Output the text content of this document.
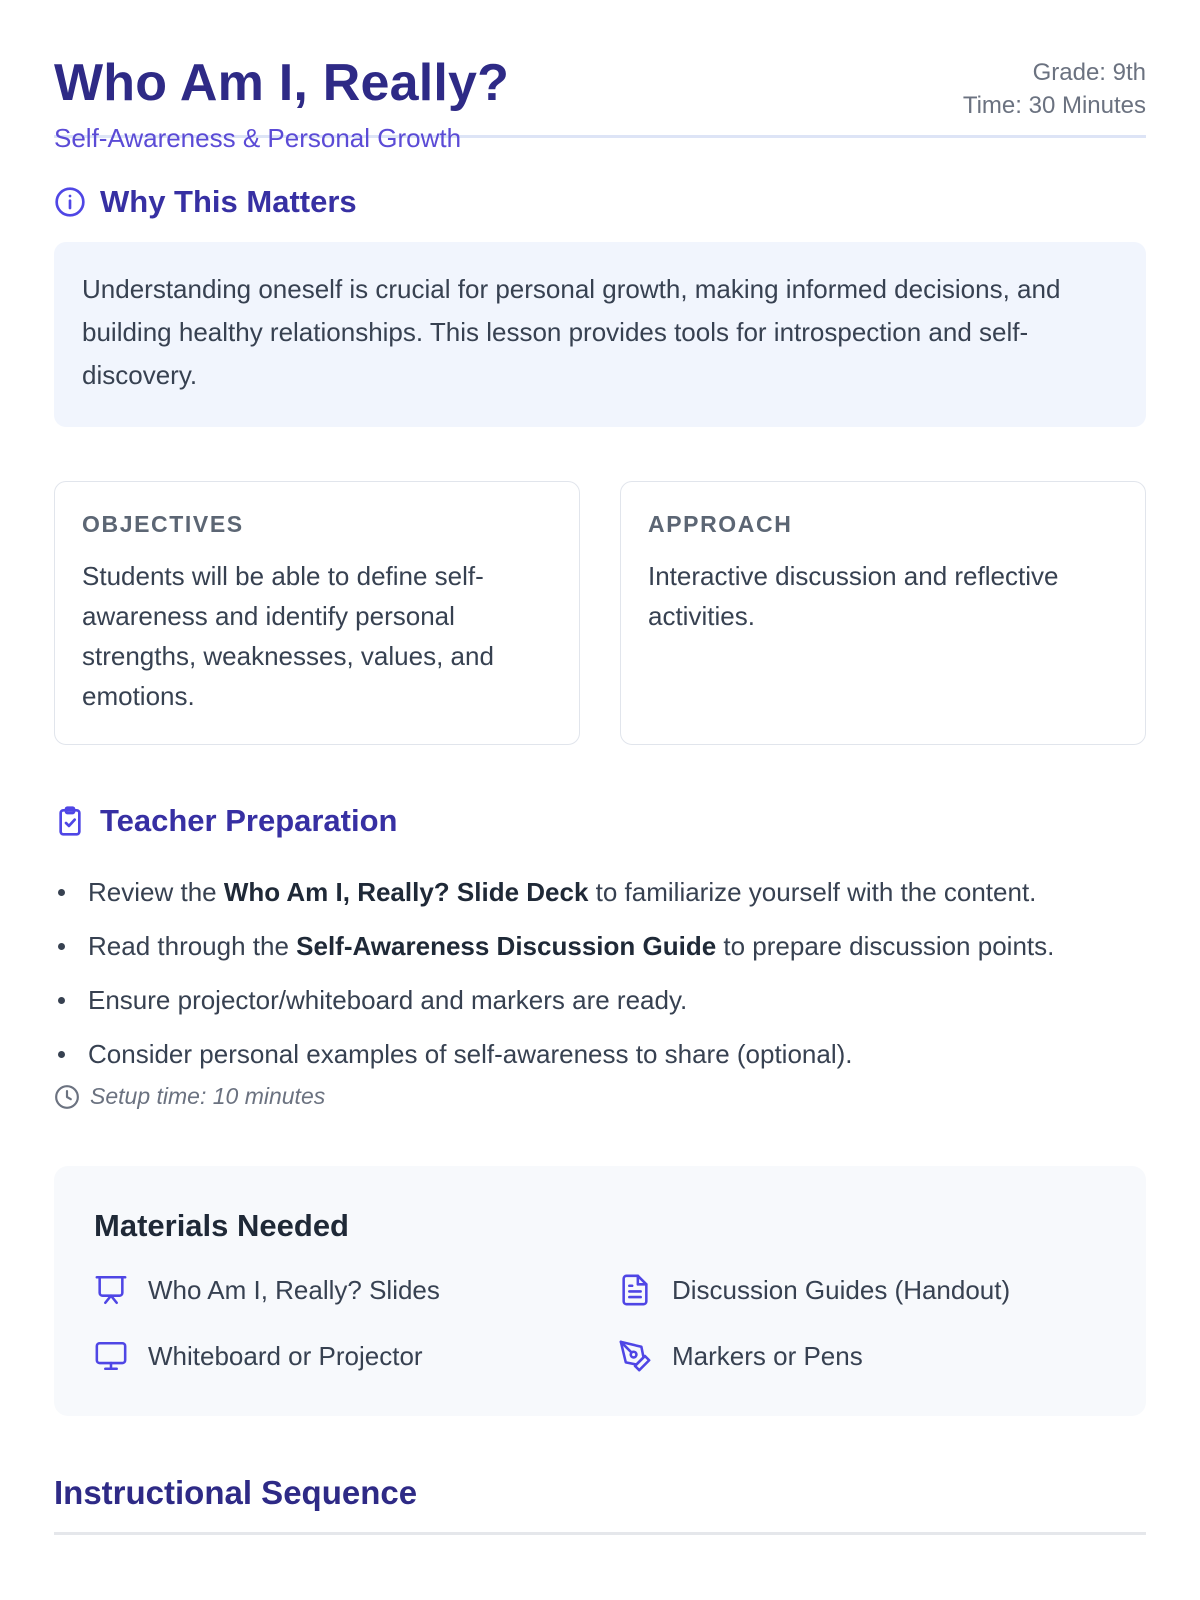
Who Am I, Really?
Self-Awareness & Personal Growth
Grade: 9th
Time: 30 Minutes
Why This Matters
Understanding oneself is crucial for personal growth, making informed decisions, and building healthy relationships. This lesson provides tools for introspection and self-discovery.
OBJECTIVES
Students will be able to define self-awareness and identify personal strengths, weaknesses, values, and emotions.
APPROACH
Interactive discussion and reflective activities.
Teacher Preparation
Review the Who Am I, Really? Slide Deck to familiarize yourself with the content.
Read through the Self-Awareness Discussion Guide to prepare discussion points.
Ensure projector/whiteboard and markers are ready.
Consider personal examples of self-awareness to share (optional).
Setup time: 10 minutes
Materials Needed
Who Am I, Really? Slides	Discussion Guides (Handout)
Whiteboard or Projector	Markers or Pens
Instructional Sequence
